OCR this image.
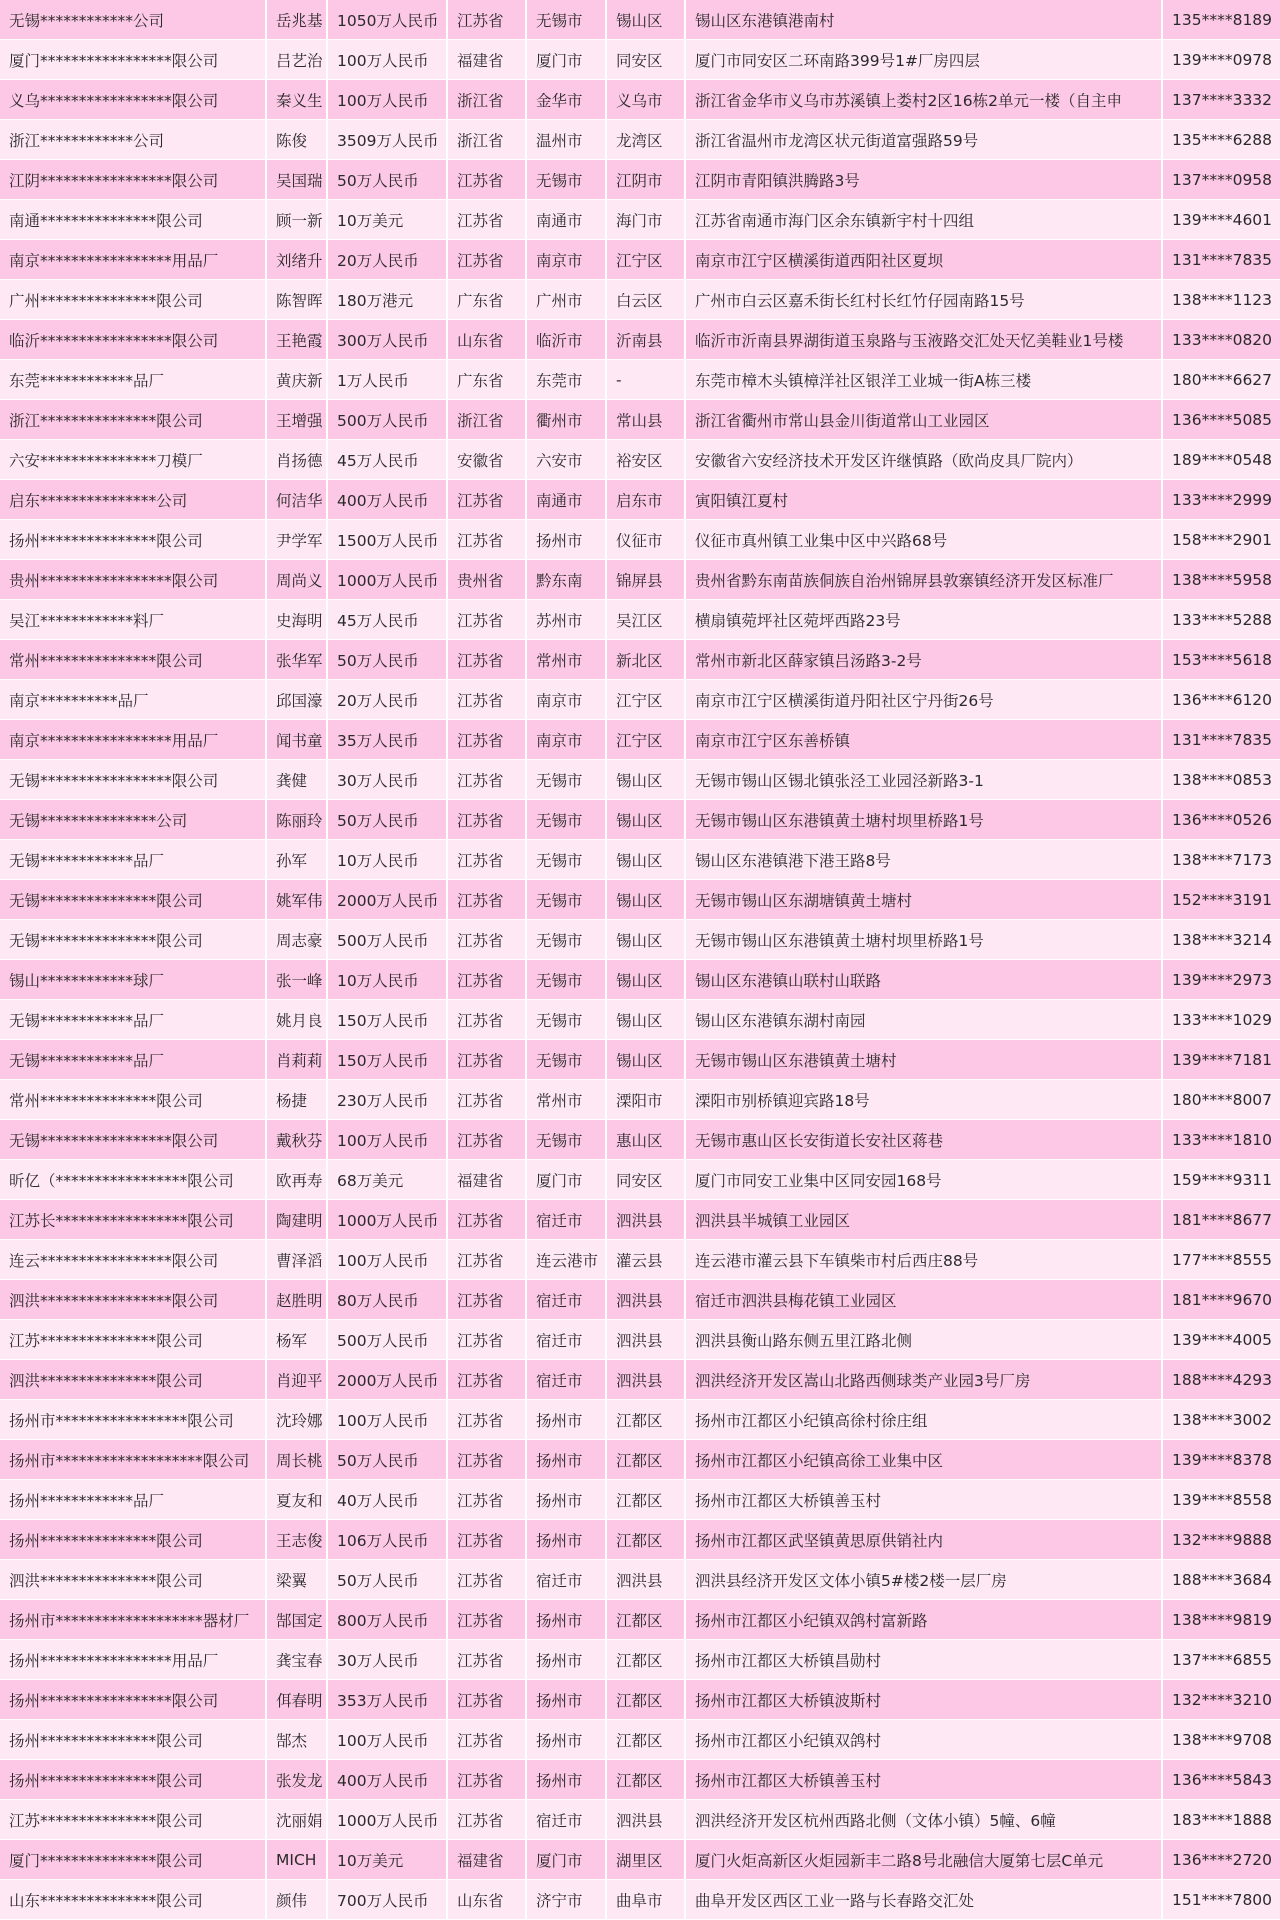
无锡************公司	岳兆基	1050万人民币	江苏省	无锡市	锡山区	锡山区东港镇港南村	135****8189
厦门*****************限公司	吕艺治	100万人民币	福建省	厦门市	同安区	厦门市同安区二环南路399号1#厂房四层	139****0978
义乌*****************限公司	秦义生	100万人民币	浙江省	金华市	义乌市	浙江省金华市义乌市苏溪镇上娄村2区16栋2单元一楼（自主申	137****3332
浙江************公司	陈俊	3509万人民币	浙江省	温州市	龙湾区	浙江省温州市龙湾区状元街道富强路59号	135****6288
江阴*****************限公司	吴国瑞	50万人民币	江苏省	无锡市	江阴市	江阴市青阳镇洪腾路3号	137****0958
南通***************限公司	顾一新	10万美元	江苏省	南通市	海门市	江苏省南通市海门区余东镇新宇村十四组	139****4601
南京*****************用品厂	刘绪升	20万人民币	江苏省	南京市	江宁区	南京市江宁区横溪街道西阳社区夏坝	131****7835
广州***************限公司	陈智晖	180万港元	广东省	广州市	白云区	广州市白云区嘉禾街长红村长红竹仔园南路15号	138****1123
临沂*****************限公司	王艳霞	300万人民币	山东省	临沂市	沂南县	临沂市沂南县界湖街道玉泉路与玉液路交汇处天忆美鞋业1号楼	133****0820
东莞************品厂	黄庆新	1万人民币	广东省	东莞市	-	东莞市樟木头镇樟洋社区银洋工业城一街A栋三楼	180****6627
浙江***************限公司	王增强	500万人民币	浙江省	衢州市	常山县	浙江省衢州市常山县金川街道常山工业园区	136****5085
六安***************刀模厂	肖扬德	45万人民币	安徽省	六安市	裕安区	安徽省六安经济技术开发区许继慎路（欧尚皮具厂院内）	189****0548
启东***************公司	何洁华	400万人民币	江苏省	南通市	启东市	寅阳镇江夏村	133****2999
扬州***************限公司	尹学军	1500万人民币	江苏省	扬州市	仪征市	仪征市真州镇工业集中区中兴路68号	158****2901
贵州*****************限公司	周尚义	1000万人民币	贵州省	黔东南	锦屏县	贵州省黔东南苗族侗族自治州锦屏县敦寨镇经济开发区标准厂	138****5958
吴江************料厂	史海明	45万人民币	江苏省	苏州市	吴江区	横扇镇菀坪社区菀坪西路23号	133****5288
常州***************限公司	张华军	50万人民币	江苏省	常州市	新北区	常州市新北区薛家镇吕汤路3-2号	153****5618
南京**********品厂	邱国濠	20万人民币	江苏省	南京市	江宁区	南京市江宁区横溪街道丹阳社区宁丹街26号	136****6120
南京*****************用品厂	闻书童	35万人民币	江苏省	南京市	江宁区	南京市江宁区东善桥镇	131****7835
无锡*****************限公司	龚健	30万人民币	江苏省	无锡市	锡山区	无锡市锡山区锡北镇张泾工业园泾新路3-1	138****0853
无锡***************公司	陈丽玲	50万人民币	江苏省	无锡市	锡山区	无锡市锡山区东港镇黄土塘村坝里桥路1号	136****0526
无锡************品厂	孙军	10万人民币	江苏省	无锡市	锡山区	锡山区东港镇港下港王路8号	138****7173
无锡***************限公司	姚军伟	2000万人民币	江苏省	无锡市	锡山区	无锡市锡山区东湖塘镇黄土塘村	152****3191
无锡***************限公司	周志豪	500万人民币	江苏省	无锡市	锡山区	无锡市锡山区东港镇黄土塘村坝里桥路1号	138****3214
锡山************球厂	张一峰	10万人民币	江苏省	无锡市	锡山区	锡山区东港镇山联村山联路	139****2973
无锡************品厂	姚月良	150万人民币	江苏省	无锡市	锡山区	锡山区东港镇东湖村南园	133****1029
无锡************品厂	肖莉莉	150万人民币	江苏省	无锡市	锡山区	无锡市锡山区东港镇黄土塘村	139****7181
常州***************限公司	杨捷	230万人民币	江苏省	常州市	溧阳市	溧阳市别桥镇迎宾路18号	180****8007
无锡*****************限公司	戴秋芬	100万人民币	江苏省	无锡市	惠山区	无锡市惠山区长安街道长安社区蒋巷	133****1810
昕亿（*****************限公司	欧再寿	68万美元	福建省	厦门市	同安区	厦门市同安工业集中区同安园168号	159****9311
江苏长*****************限公司	陶建明	1000万人民币	江苏省	宿迁市	泗洪县	泗洪县半城镇工业园区	181****8677
连云*****************限公司	曹泽滔	100万人民币	江苏省	连云港市	灌云县	连云港市灌云县下车镇柴市村后西庄88号	177****8555
泗洪*****************限公司	赵胜明	80万人民币	江苏省	宿迁市	泗洪县	宿迁市泗洪县梅花镇工业园区	181****9670
江苏***************限公司	杨军	500万人民币	江苏省	宿迁市	泗洪县	泗洪县衡山路东侧五里江路北侧	139****4005
泗洪***************限公司	肖迎平	2000万人民币	江苏省	宿迁市	泗洪县	泗洪经济开发区嵩山北路西侧球类产业园3号厂房	188****4293
扬州市*****************限公司	沈玲娜	100万人民币	江苏省	扬州市	江都区	扬州市江都区小纪镇高徐村徐庄组	138****3002
扬州市*******************限公司	周长桃	50万人民币	江苏省	扬州市	江都区	扬州市江都区小纪镇高徐工业集中区	139****8378
扬州************品厂	夏友和	40万人民币	江苏省	扬州市	江都区	扬州市江都区大桥镇善玉村	139****8558
扬州***************限公司	王志俊	106万人民币	江苏省	扬州市	江都区	扬州市江都区武坚镇黄思原供销社内	132****9888
泗洪***************限公司	梁翼	50万人民币	江苏省	宿迁市	泗洪县	泗洪县经济开发区文体小镇5#楼2楼一层厂房	188****3684
扬州市*******************器材厂	郜国定	800万人民币	江苏省	扬州市	江都区	扬州市江都区小纪镇双鸽村富新路	138****9819
扬州*****************用品厂	龚宝春	30万人民币	江苏省	扬州市	江都区	扬州市江都区大桥镇昌勋村	137****6855
扬州*****************限公司	佴春明	353万人民币	江苏省	扬州市	江都区	扬州市江都区大桥镇波斯村	132****3210
扬州***************限公司	郜杰	100万人民币	江苏省	扬州市	江都区	扬州市江都区小纪镇双鸽村	138****9708
扬州***************限公司	张发龙	400万人民币	江苏省	扬州市	江都区	扬州市江都区大桥镇善玉村	136****5843
江苏***************限公司	沈丽娟	1000万人民币	江苏省	宿迁市	泗洪县	泗洪经济开发区杭州西路北侧（文体小镇）5幢、6幢	183****1888
厦门***************限公司	MICH	10万美元	福建省	厦门市	湖里区	厦门火炬高新区火炬园新丰二路8号北融信大厦第七层C单元	136****2720
山东***************限公司	颜伟	700万人民币	山东省	济宁市	曲阜市	曲阜开发区西区工业一路与长春路交汇处	151****7800
